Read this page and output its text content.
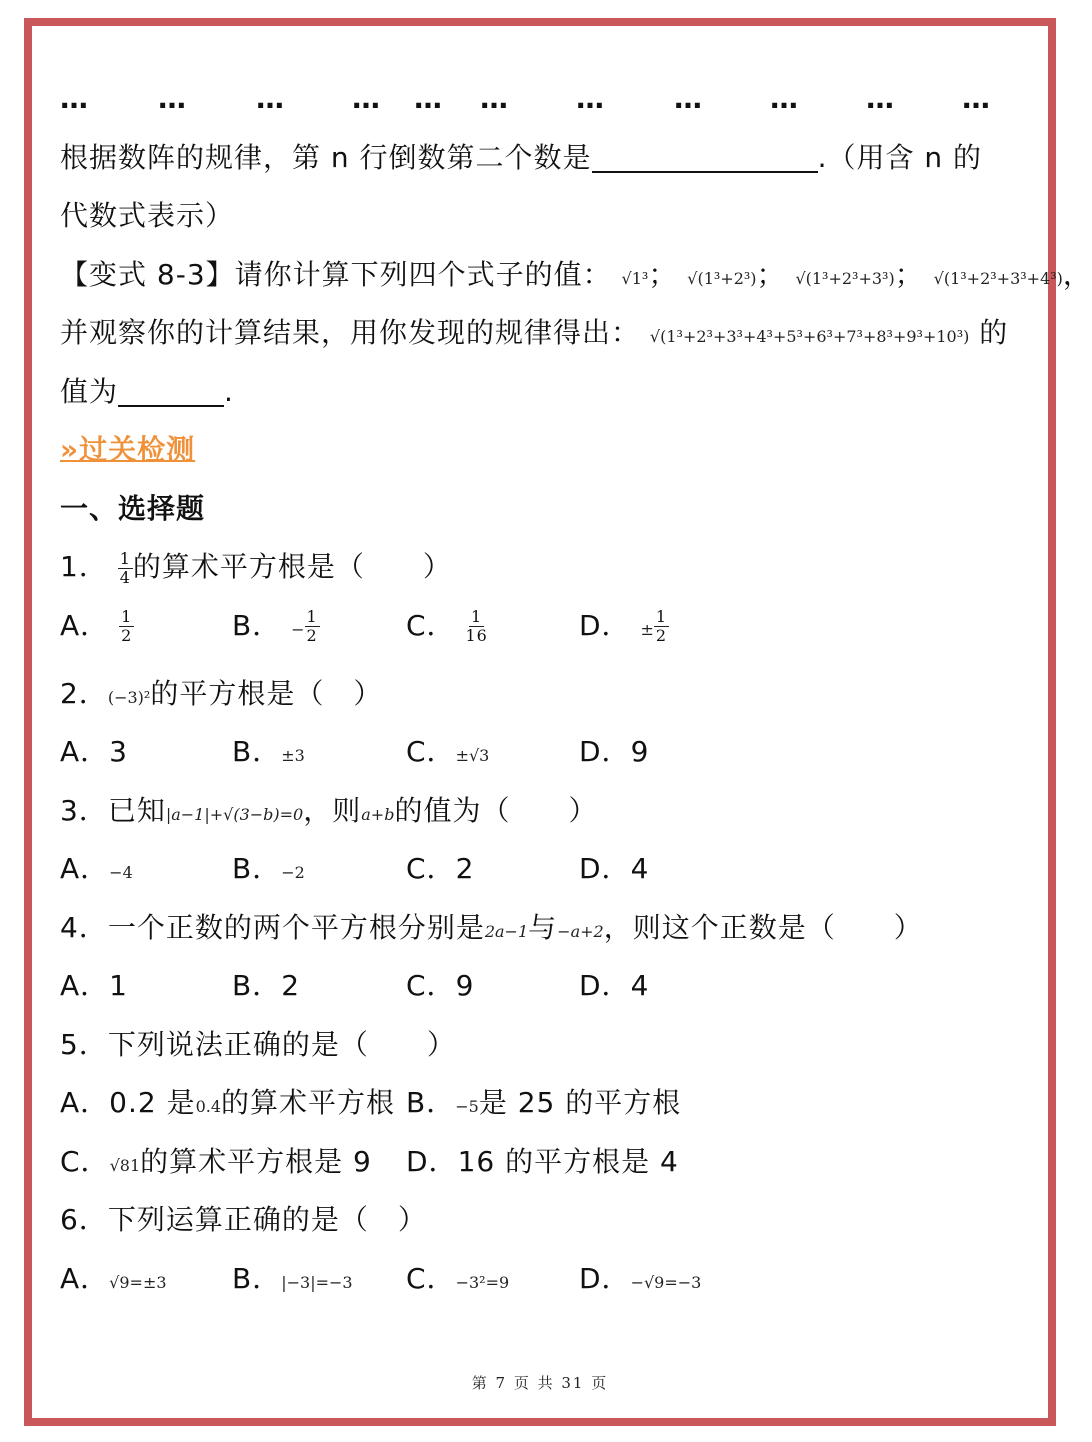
… … … … … … … … … … …
根据数阵的规律，第 n 行倒数第二个数是	.（用含 n 的
代数式表示）
【变式 8-3】请你计算下列四个式子的值： √1³； √(1³+2³)； √(1³+2³+3³)； √(1³+2³+3³+4³)，
并观察你的计算结果，用你发现的规律得出： √(1³+2³+3³+4³+5³+6³+7³+8³+9³+10³) 的
值为	.
»过关检测
一、选择题
1． $\frac{1}{4}$ 的算术平方根是（　　）
A． $\frac{1}{2}$	B． − $\frac{1}{2}$	C． $\frac{1}{16}$	D． ± $\frac{1}{2}$
2．(−3)²的平方根是（　）
A．3	B．±3	C．±√3	D．9
3．已知|a−1|+√(3−b)=0，则a+b的值为（　　）
A．−4	B．−2	C．2	D．4
4．一个正数的两个平方根分别是2a−1与−a+2，则这个正数是（　　）
A．1	B．2	C．9	D．4
5．下列说法正确的是（　　）
A．0.2 是0.4的算术平方根 B．−5是 25 的平方根
C．√81的算术平方根是 9 D．16 的平方根是 4
6．下列运算正确的是（　）
A．√9=±3 B．|−3|=−3 C．−3²=9 D．−√9=−3
第 7 页 共 31 页
